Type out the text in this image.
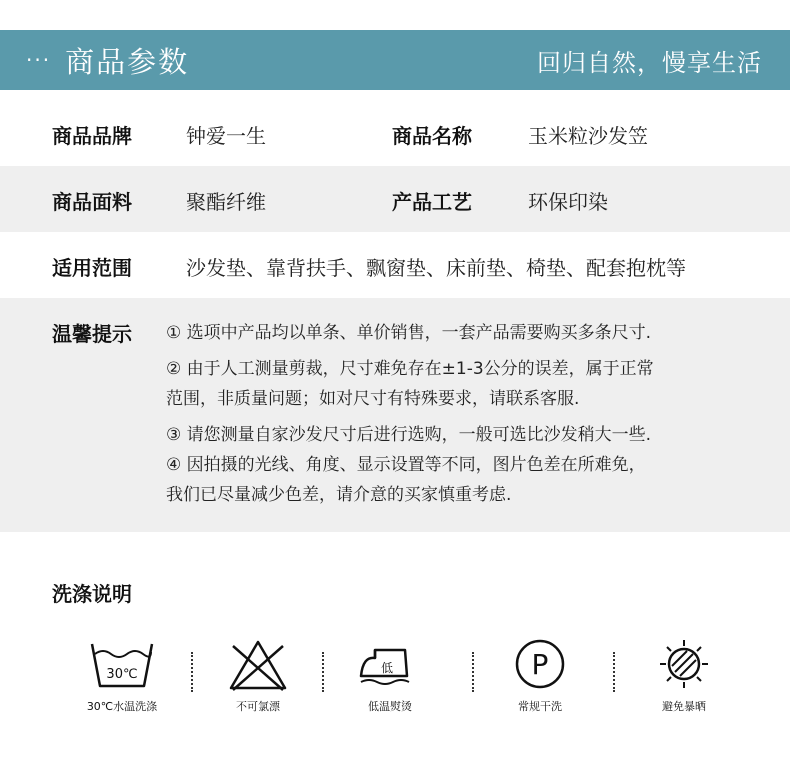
··· 商品参数	回归自然，慢享生活
商品品牌	钟爱一生	商品名称	玉米粒沙发笠
商品面料	聚酯纤维	产品工艺	环保印染
适用范围	沙发垫、靠背扶手、飘窗垫、床前垫、椅垫、配套抱枕等
温馨提示 ① 选项中产品均以单条、单价销售，一套产品需要购买多条尺寸.
② 由于人工测量剪裁，尺寸难免存在±1-3公分的误差，属于正常
范围，非质量问题；如对尺寸有特殊要求，请联系客服.
③ 请您测量自家沙发尺寸后进行选购，一般可选比沙发稍大一些.
④ 因拍摄的光线、角度、显示设置等不同，图片色差在所难免，
我们已尽量减少色差，请介意的买家慎重考虑.
洗涤说明
30℃
30℃水温洗涤	不可氯漂
低
低温熨烫
P
常规干洗	避免暴晒
